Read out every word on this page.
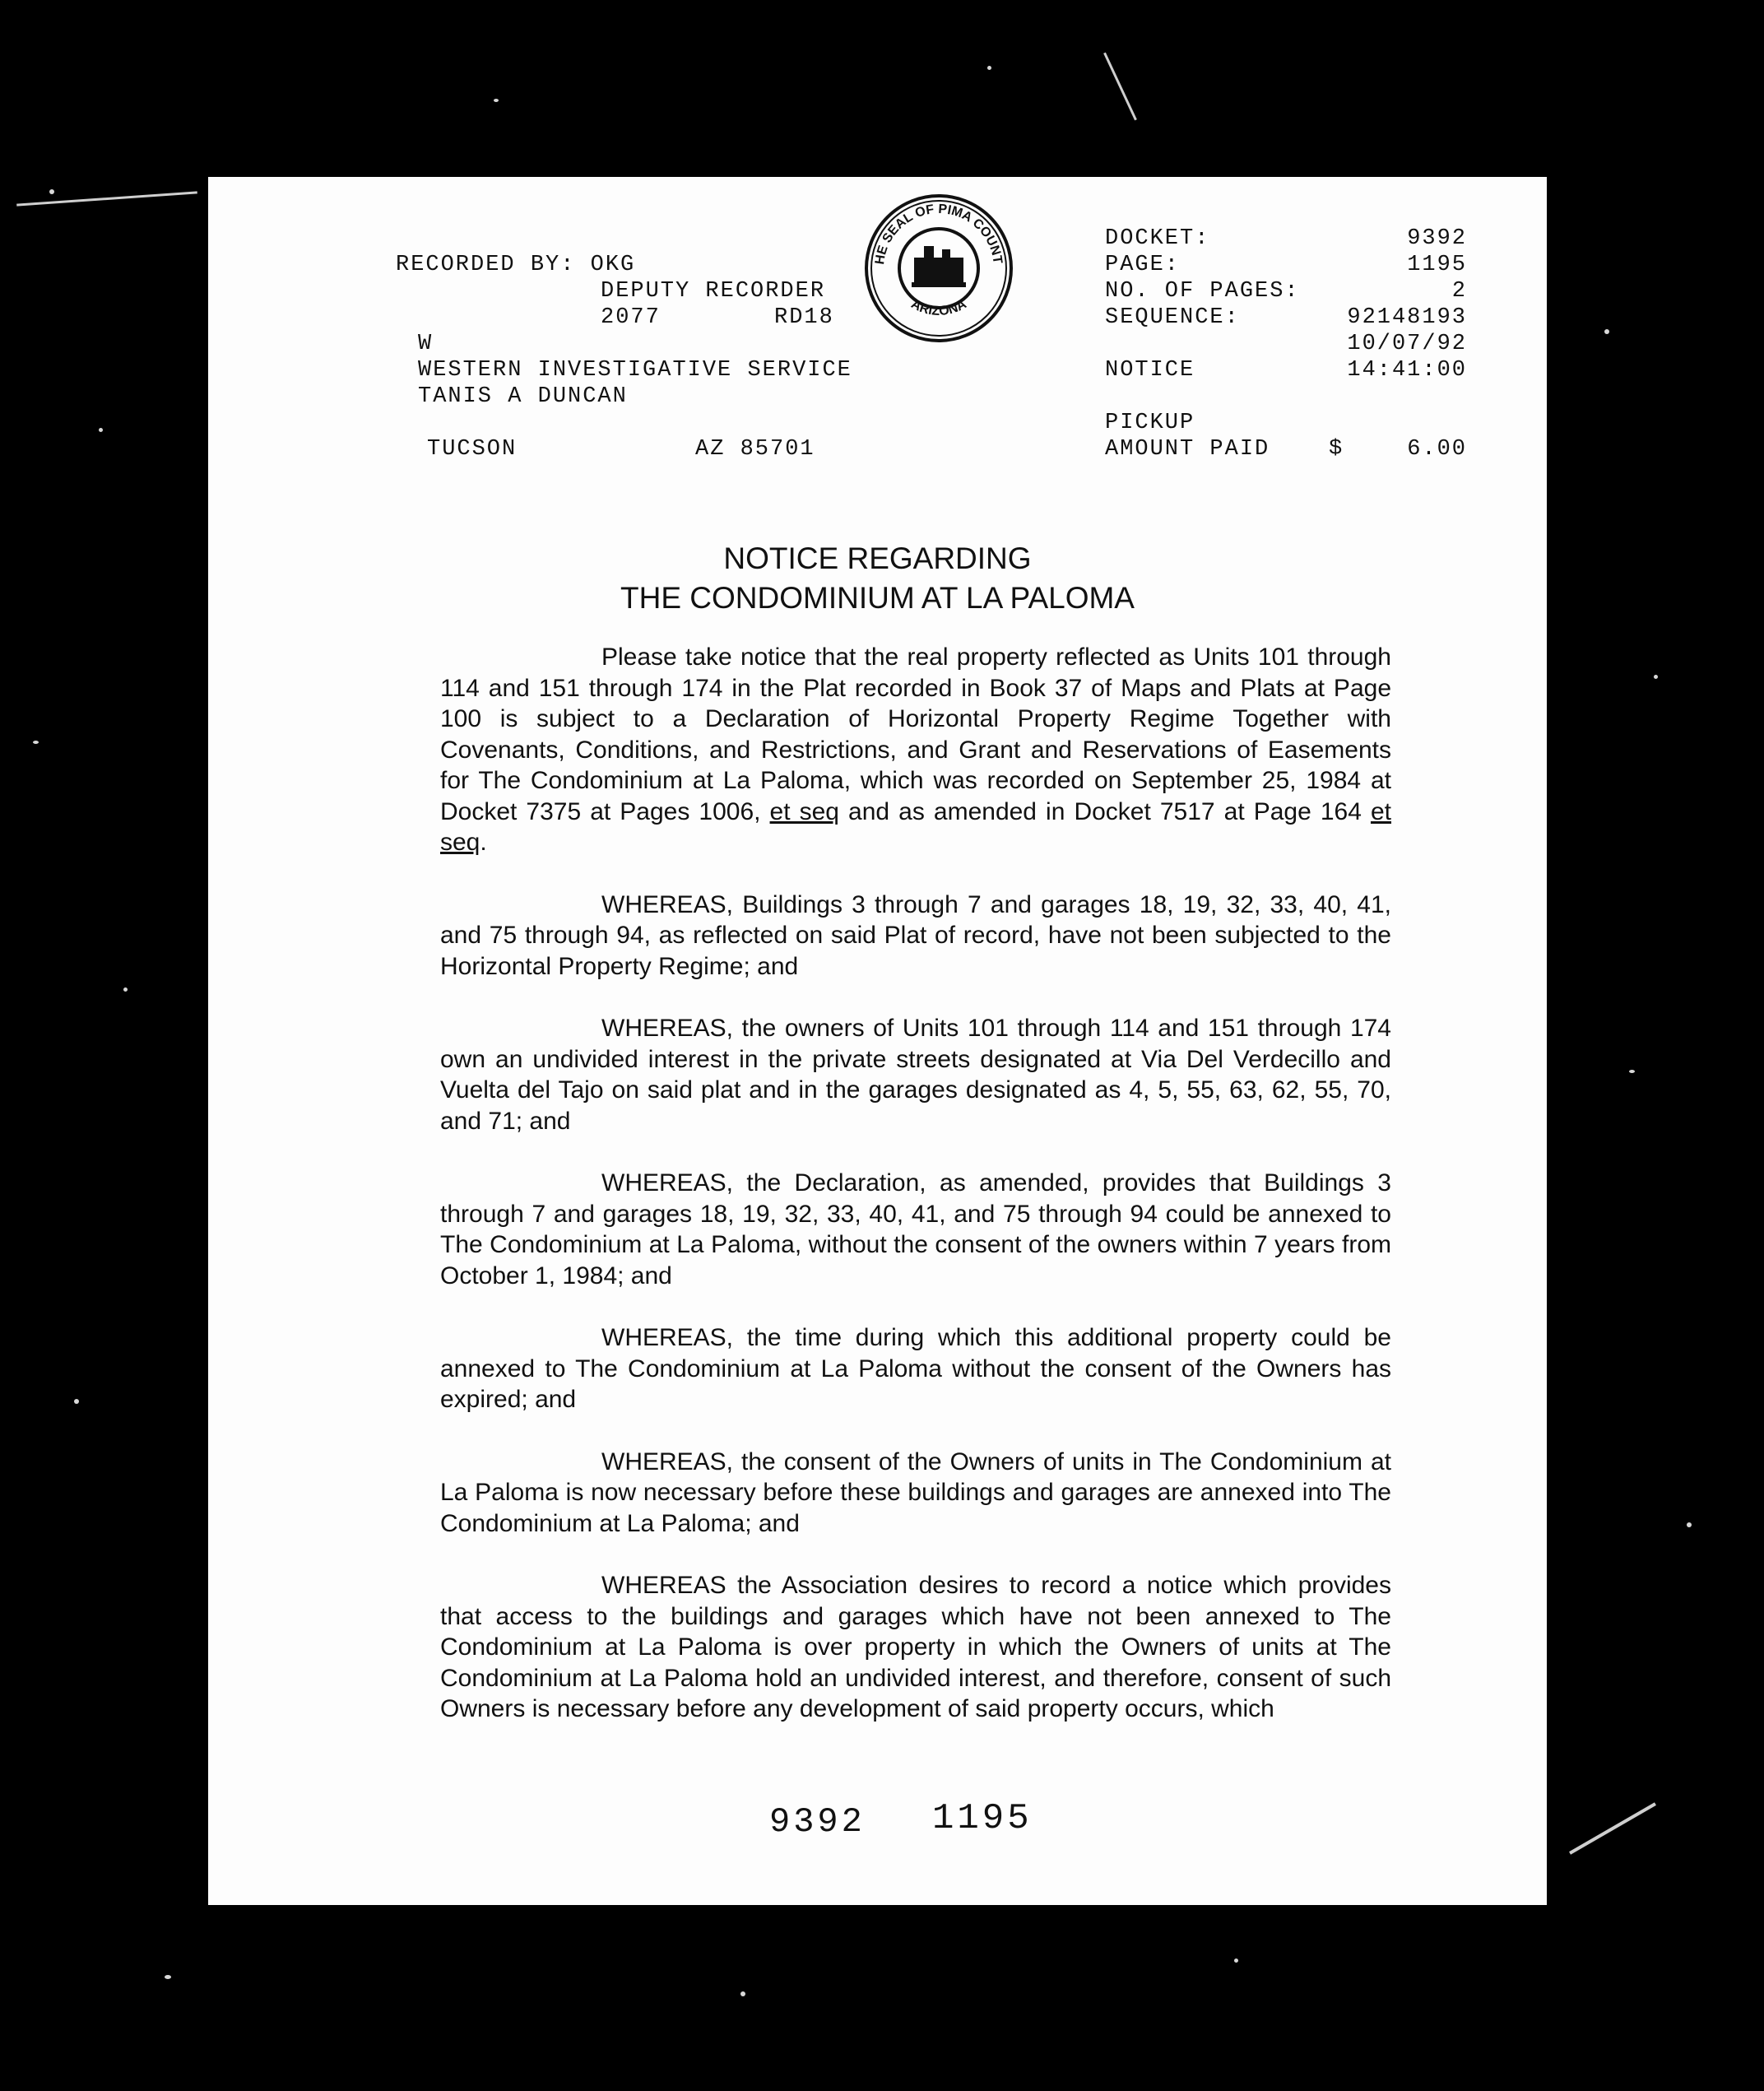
RECORDED BY: OKG
DEPUTY RECORDER
2077	RD18
W
WESTERN INVESTIGATIVE SERVICE
TANIS A DUNCAN
TUCSON	AZ 85701
HE SEAL OF PIMA COUNT
ARIZONA
DOCKET:	9392
PAGE:	1195
NO. OF PAGES:	2
SEQUENCE:	92148193
10/07/92
NOTICE	14:41:00
PICKUP
AMOUNT PAID	$	6.00
NOTICE REGARDING
THE CONDOMINIUM AT LA PALOMA

Please take notice that the real property reflected as Units 101 through 114 and 151 through 174 in the Plat recorded in Book 37 of Maps and Plats at Page 100 is subject to a Declaration of Horizontal Property Regime Together with Covenants, Conditions, and Restrictions, and Grant and Reservations of Easements for The Condominium at La Paloma, which was recorded on September 25, 1984 at Docket 7375 at Pages 1006, et seq and as amended in Docket 7517 at Page 164 et seq.

WHEREAS, Buildings 3 through 7 and garages 18, 19, 32, 33, 40, 41, and 75 through 94, as reflected on said Plat of record, have not been subjected to the Horizontal Property Regime; and

WHEREAS, the owners of Units 101 through 114 and 151 through 174 own an undivided interest in the private streets designated at Via Del Verdecillo and Vuelta del Tajo on said plat and in the garages designated as 4, 5, 55, 63, 62, 55, 70, and 71; and

WHEREAS, the Declaration, as amended, provides that Buildings 3 through 7 and garages 18, 19, 32, 33, 40, 41, and 75 through 94 could be annexed to The Condominium at La Paloma, without the consent of the owners within 7 years from October 1, 1984; and

WHEREAS, the time during which this additional property could be annexed to The Condominium at La Paloma without the consent of the Owners has expired; and

WHEREAS, the consent of the Owners of units in The Condominium at La Paloma is now necessary before these buildings and garages are annexed into The Condominium at La Paloma; and

WHEREAS the Association desires to record a notice which provides that access to the buildings and garages which have not been annexed to The Condominium at La Paloma is over property in which the Owners of units at The Condominium at La Paloma hold an undivided interest, and therefore, consent of such Owners is necessary before any development of said property occurs, which

9392 1195
